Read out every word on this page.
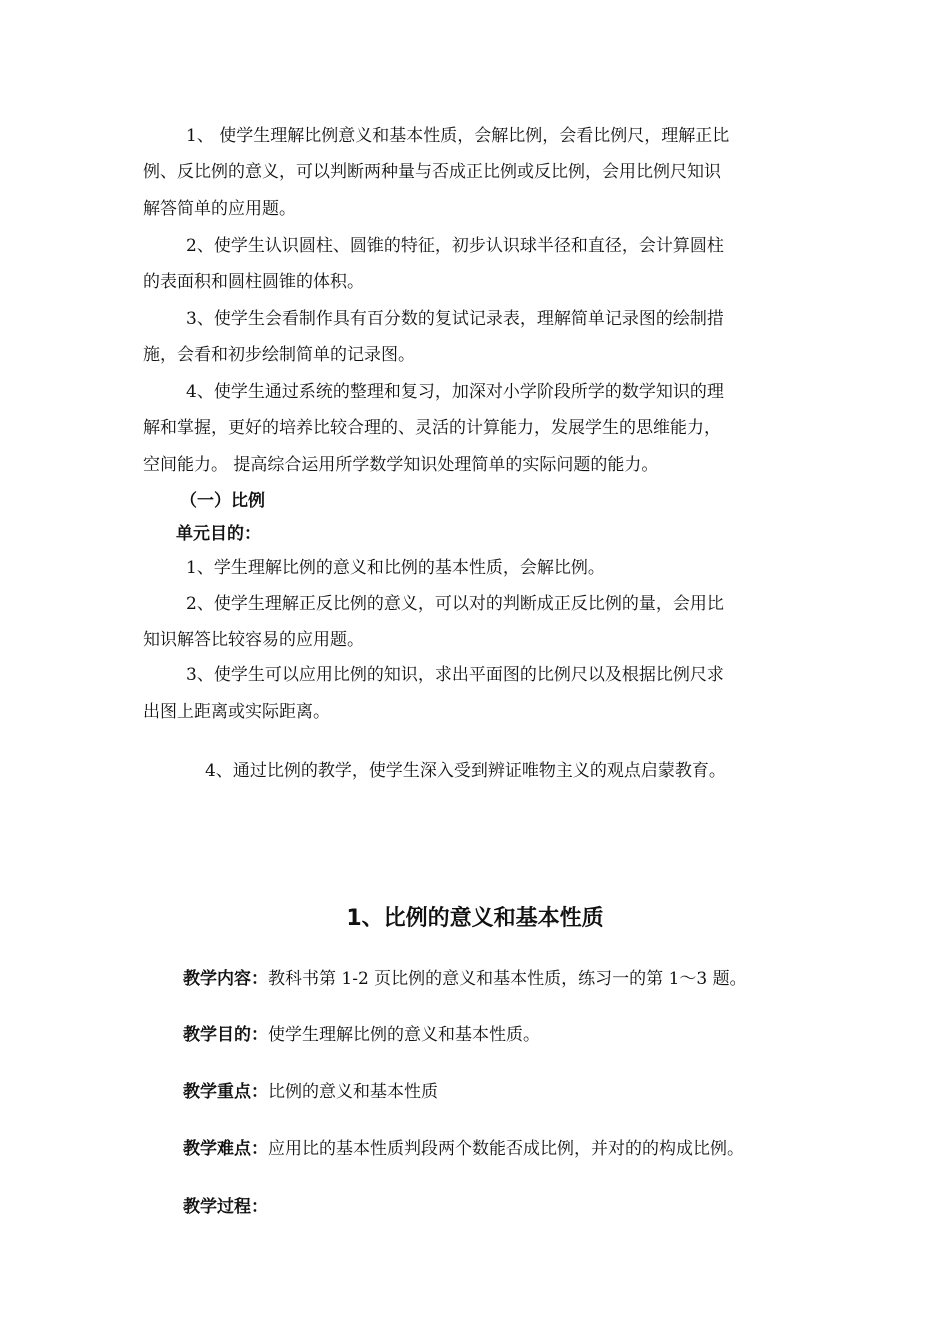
1、 使学生理解比例意义和基本性质，会解比例，会看比例尺，理解正比
例、反比例的意义，可以判断两种量与否成正比例或反比例，会用比例尺知识
解答简单的应用题。
2、使学生认识圆柱、圆锥的特征，初步认识球半径和直径，会计算圆柱
的表面积和圆柱圆锥的体积。
3、使学生会看制作具有百分数的复试记录表，理解简单记录图的绘制措
施，会看和初步绘制简单的记录图。
4、使学生通过系统的整理和复习，加深对小学阶段所学的数学知识的理
解和掌握，更好的培养比较合理的、灵活的计算能力，发展学生的思维能力，
空间能力。 提高综合运用所学数学知识处理简单的实际问题的能力。
（一）比例
单元目的：
1、学生理解比例的意义和比例的基本性质，会解比例。
2、使学生理解正反比例的意义，可以对的判断成正反比例的量，会用比
知识解答比较容易的应用题。
3、使学生可以应用比例的知识，求出平面图的比例尺以及根据比例尺求
出图上距离或实际距离。
4、通过比例的教学，使学生深入受到辨证唯物主义的观点启蒙教育。
1、比例的意义和基本性质
教学内容：教科书第 1-2 页比例的意义和基本性质，练习一的第 1～3 题。
教学目的：使学生理解比例的意义和基本性质。
教学重点：比例的意义和基本性质
教学难点：应用比的基本性质判段两个数能否成比例，并对的的构成比例。
教学过程：
